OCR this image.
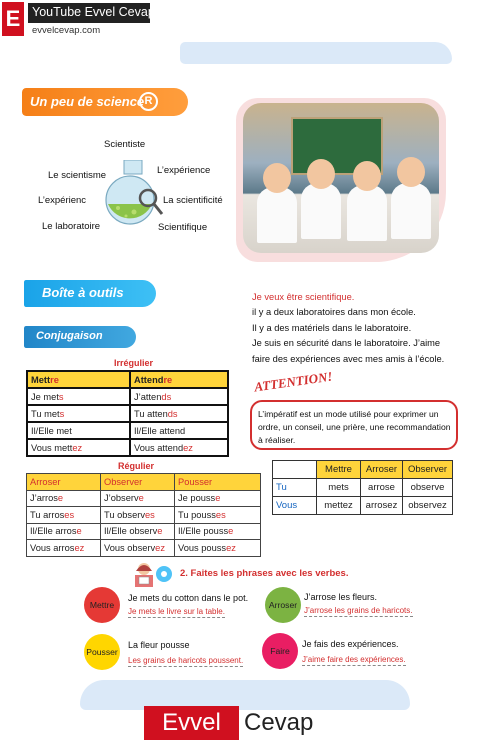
E YouTube Evvel Cevap
evvelcevap.com
Un peu de science R
Scientiste
Le scientisme	L’expérience
L’expérienc	La scientificité
Le laboratoire	Scientifique
Boîte à outils
Conjugaison
Je veux être scientifique.
il y a deux laboratoires dans mon école.
Il y a des matériels dans le laboratoire.
Je suis en sécurité dans le laboratoire. J’aime
faire des expériences avec mes amis à l’école.
ATTENTION!
L’impératif est un mode utilisé pour exprimer un ordre, un conseil, une prière, une recommandation à réaliser.
Irrégulier
Mettre	Attendre
Je mets	J’attends
Tu mets	Tu attends
Il/Elle met	Il/Elle attend
Vous mettez	Vous attendez
Régulier
Arroser	Observer	Pousser
J’arrose	J’observe	Je pousse
Tu arroses	Tu observes	Tu pousses
Il/Elle arrose	Il/Elle observe	Il/Elle pousse
Vous arrosez	Vous observez	Vous poussez
	Mettre	Arroser	Observer
Tu	mets	arrose	observe
Vous	mettez	arrosez	observez
2. Faites les phrases avec les verbes.
Mettre
Je mets du cotton dans le pot.
Je mets le livre sur la table.
Arroser
J’arrose les fleurs.
J’arrose les grains de haricots.
Pousser
La fleur pousse
Les grains de haricots poussent.
Faire
Je fais des expériences.
J’aime faire des expériences.
Evvel Cevap
